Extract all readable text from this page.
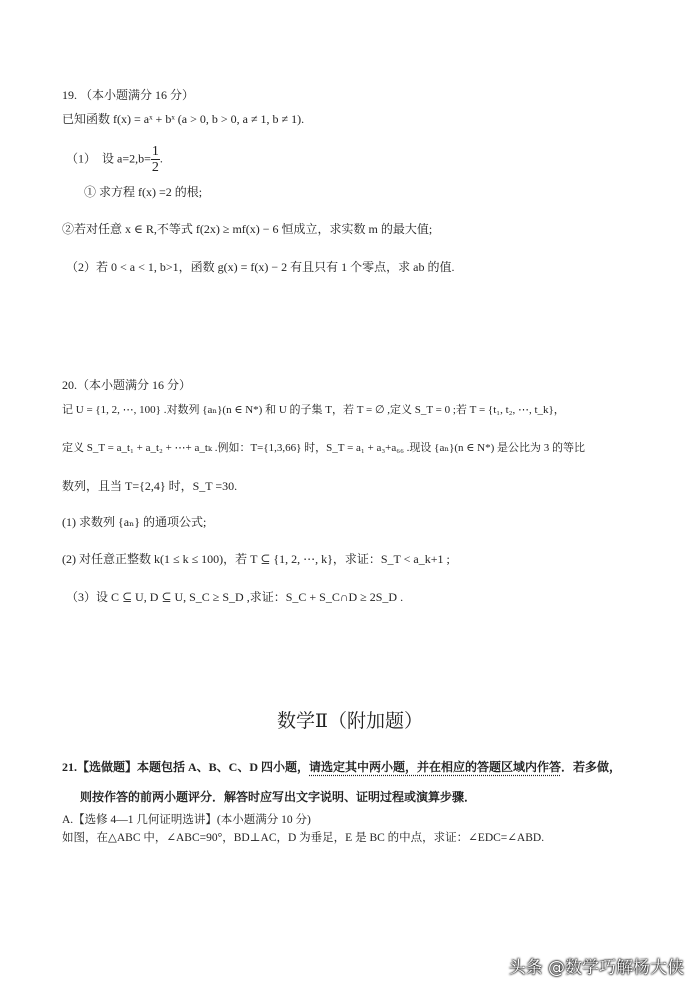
19. （本小题满分 16 分）
已知函数 f(x) = aˣ + bˣ (a > 0, b > 0, a ≠ 1, b ≠ 1).
（1）　设 $a=2,b= \frac{1}{2}$ .
① 求方程 f(x) =2 的根;
②若对任意 x ∈ R,不等式 f(2x) ≥ mf(x) − 6 恒成立，求实数 m 的最大值;
（2）若 0 < a < 1, b>1，函数 g(x) = f(x) − 2 有且只有 1 个零点，求 ab 的值.
20.（本小题满分 16 分）
记 U = {1, 2, ⋯, 100} .对数列 {aₙ}(n ∈ N*) 和 U 的子集 T，若 T = ∅ ,定义 S_T = 0 ;若 T = {t₁, t₂, ⋯, t_k}，
定义 S_T = a_t₁ + a_t₂ + ⋯+ a_tₖ .例如：T={1,3,66} 时，S_T = a₁ + a₃+a₆₆ .现设 {aₙ}(n ∈ N*) 是公比为 3 的等比
数列，且当 T={2,4} 时，S_T =30.
(1) 求数列 {aₙ} 的通项公式;
(2) 对任意正整数 k(1 ≤ k ≤ 100)，若 T ⊆ {1, 2, ⋯, k}，求证：S_T < a_k+1 ;
（3）设 C ⊆ U, D ⊆ U, S_C ≥ S_D ,求证：S_C + S_C∩D ≥ 2S_D .
数学Ⅱ（附加题）
21.【选做题】本题包括 A、B、C、D 四小题，请选定其中两小题，并在相应的答题区域内作答．若多做，
则按作答的前两小题评分．解答时应写出文字说明、证明过程或演算步骤．
A.【选修 4—1 几何证明选讲】(本小题满分 10 分)
如图，在△ABC 中，∠ABC=90°，BD⊥AC，D 为垂足，E 是 BC 的中点，求证：∠EDC=∠ABD.
头条 @数学巧解杨大侠
